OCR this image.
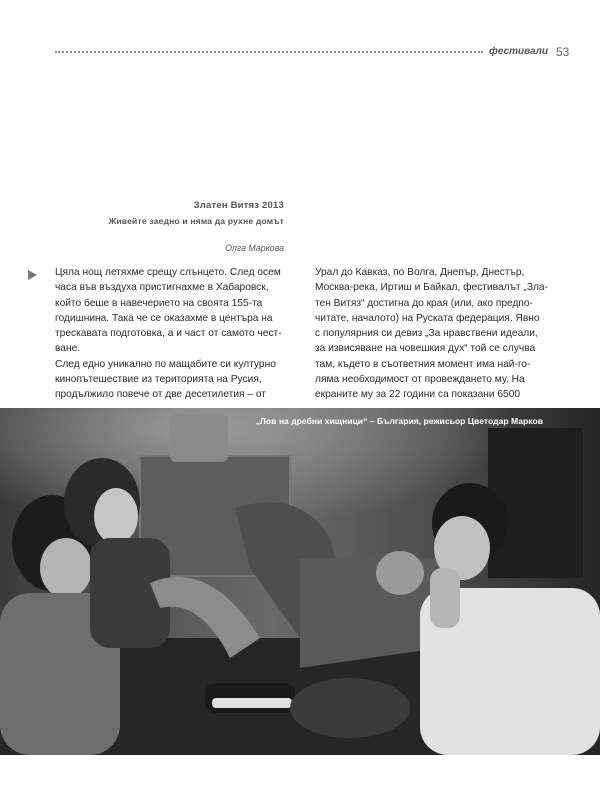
фестивали 53
Златен Витяз 2013
Живейте заедно и няма да рухне домът
Олга Маркова
Цяла нощ летяхме срещу слънцето. След осем
часа във въздуха пристигнахме в Хабаровск,
който беше в навечерието на своята 155-та
годишнина. Така че се оказахме в центъра на
трескавата подготовка, а и част от самото чест-
ване.
След едно уникално по мащабите си културно
кинопътешествие из територията на Русия,
продължило повече от две десетилетия – от
Урал до Кавказ, по Волга, Днепър, Днестър,
Москва-река, Иртиш и Байкал, фестивалът „Зла-
тен Витяз“ достигна до края (или, ако предпо-
читате, началото) на Руската федерация. Явно
с популярния си девиз „За нравствени идеали,
за извисяване на човешкия дух“ той се случва
там, където в съответния момент има най-го-
ляма необходимост от провеждането му. На
екраните му за 22 години са показани 6500
„Лов на дребни хищници“ – България, режисьор Цветодар Марков
